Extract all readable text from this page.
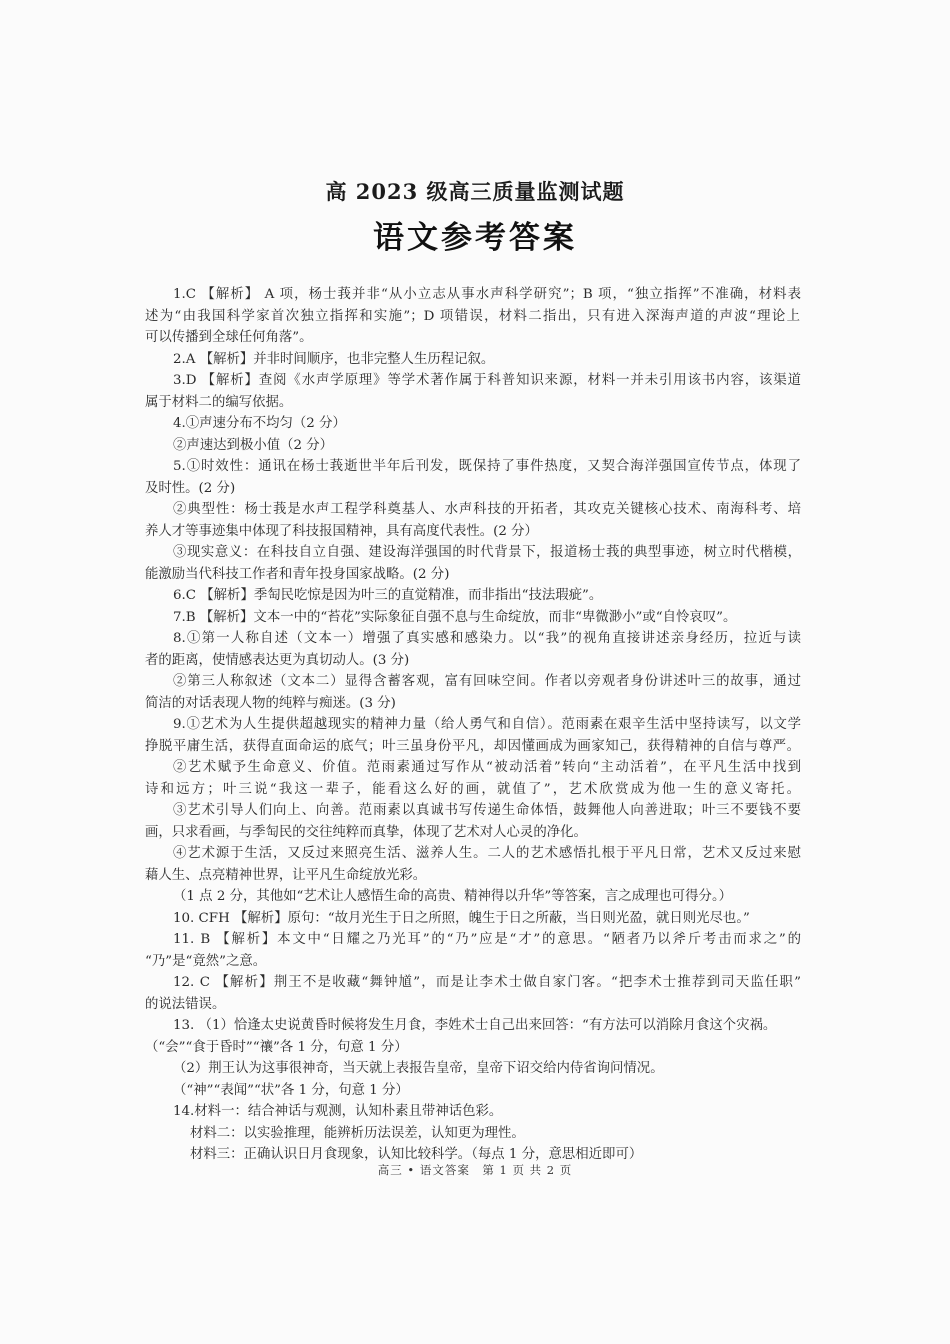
高 2023 级高三质量监测试题
语文参考答案
1.C 【解析】 A 项，杨士莪并非“从小立志从事水声科学研究”；B 项，“独立指挥”不准确，材料表
述为“由我国科学家首次独立指挥和实施”；D 项错误，材料二指出，只有进入深海声道的声波“理论上
可以传播到全球任何角落”。
2.A 【解析】并非时间顺序，也非完整人生历程记叙。
3.D 【解析】查阅《水声学原理》等学术著作属于科普知识来源，材料一并未引用该书内容，该渠道
属于材料二的编写依据。
4.①声速分布不均匀（2 分）
②声速达到极小值（2 分）
5.①时效性：通讯在杨士莪逝世半年后刊发，既保持了事件热度，又契合海洋强国宣传节点，体现了
及时性。(2 分)
②典型性：杨士莪是水声工程学科奠基人、水声科技的开拓者，其攻克关键核心技术、南海科考、培
养人才等事迹集中体现了科技报国精神，具有高度代表性。(2 分）
③现实意义：在科技自立自强、建设海洋强国的时代背景下，报道杨士莪的典型事迹，树立时代楷模，
能激励当代科技工作者和青年投身国家战略。(2 分)
6.C 【解析】季匋民吃惊是因为叶三的直觉精准，而非指出“技法瑕疵”。
7.B 【解析】文本一中的“苔花”实际象征自强不息与生命绽放，而非“卑微渺小”或“自怜哀叹”。
8.①第一人称自述（文本一）增强了真实感和感染力。以“我”的视角直接讲述亲身经历，拉近与读
者的距离，使情感表达更为真切动人。(3 分)
②第三人称叙述（文本二）显得含蓄客观，富有回味空间。作者以旁观者身份讲述叶三的故事，通过
简洁的对话表现人物的纯粹与痴迷。(3 分)
9.①艺术为人生提供超越现实的精神力量（给人勇气和自信）。范雨素在艰辛生活中坚持读写，以文学
挣脱平庸生活，获得直面命运的底气；叶三虽身份平凡，却因懂画成为画家知己，获得精神的自信与尊严。
②艺术赋予生命意义、价值。范雨素通过写作从“被动活着”转向“主动活着”，在平凡生活中找到
诗和远方；叶三说“我这一辈子，能看这么好的画，就值了”，艺术欣赏成为他一生的意义寄托。
③艺术引导人们向上、向善。范雨素以真诚书写传递生命体悟，鼓舞他人向善进取；叶三不要钱不要
画，只求看画，与季匋民的交往纯粹而真挚，体现了艺术对人心灵的净化。
④艺术源于生活，又反过来照亮生活、滋养人生。二人的艺术感悟扎根于平凡日常，艺术又反过来慰
藉人生、点亮精神世界，让平凡生命绽放光彩。
（1 点 2 分，其他如“艺术让人感悟生命的高贵、精神得以升华”等答案，言之成理也可得分。）
10. CFH 【解析】原句：“故月光生于日之所照，魄生于日之所蔽，当日则光盈，就日则光尽也。”
11. B 【解析】本文中“日耀之乃光耳”的“乃”应是“才”的意思。“陋者乃以斧斤考击而求之”的
“乃”是“竟然”之意。
12. C 【解析】荆王不是收藏“舞钟馗”，而是让李术士做自家门客。“把李术士推荐到司天监任职”
的说法错误。
13. （1）恰逢太史说黄昏时候将发生月食，李姓术士自己出来回答：“有方法可以消除月食这个灾祸。
（“会”“食于昏时”“禳”各 1 分，句意 1 分）
（2）荆王认为这事很神奇，当天就上表报告皇帝，皇帝下诏交给内侍省询问情况。
（“神”“表闻”“状”各 1 分，句意 1 分）
14.材料一：结合神话与观测，认知朴素且带神话色彩。
材料二：以实验推理，能辨析历法误差，认知更为理性。
材料三：正确认识日月食现象，认知比较科学。（每点 1 分，意思相近即可）
高三 • 语文答案　第 1 页 共 2 页
